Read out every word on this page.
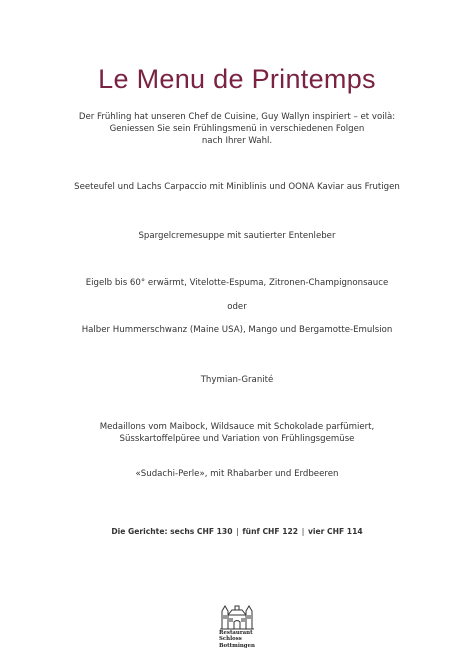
Le Menu de Printemps
Der Frühling hat unseren Chef de Cuisine, Guy Wallyn inspiriert – et voilà:
Geniessen Sie sein Frühlingsmenü in verschiedenen Folgen
nach Ihrer Wahl.
Seeteufel und Lachs Carpaccio mit Miniblinis und OONA Kaviar aus Frutigen
Spargelcremesuppe mit sautierter Entenleber
Eigelb bis 60° erwärmt, Vitelotte-Espuma, Zitronen-Champignonsauce
oder
Halber Hummerschwanz (Maine USA), Mango und Bergamotte-Emulsion
Thymian-Granité
Medaillons vom Maibock, Wildsauce mit Schokolade parfümiert,
Süsskartoffelpüree und Variation von Frühlingsgemüse
«Sudachi-Perle», mit Rhabarber und Erdbeeren
Die Gerichte: sechs CHF 130 | fünf CHF 122 | vier CHF 114
Restaurant
Schloss
Bottmingen
